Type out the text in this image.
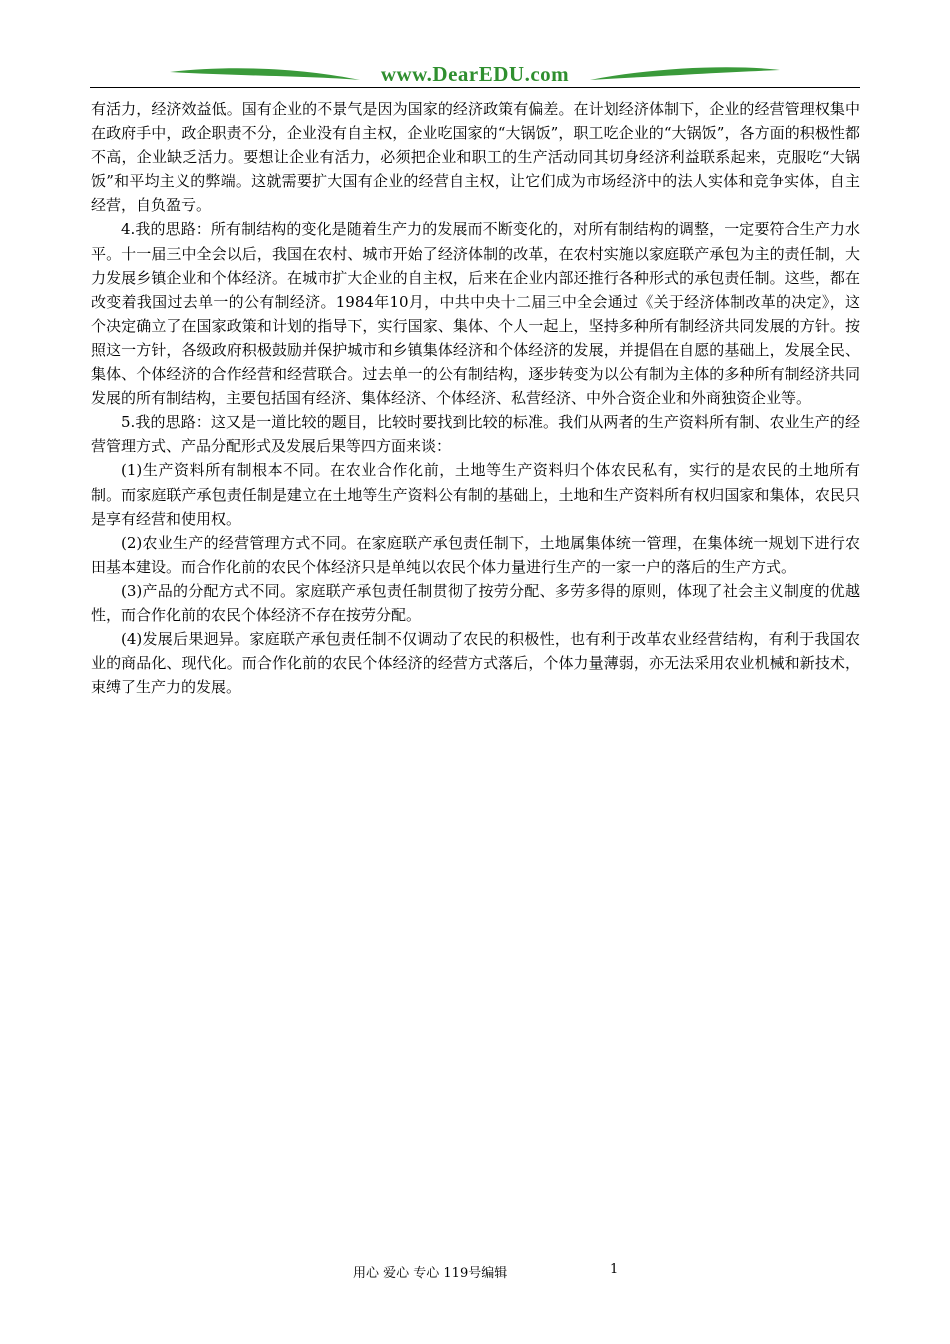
www.DearEDU.com

有活力，经济效益低。国有企业的不景气是因为国家的经济政策有偏差。在计划经济体制下，企业的经营管理权集中在政府手中，政企职责不分，企业没有自主权，企业吃国家的“大锅饭”，职工吃企业的“大锅饭”，各方面的积极性都不高，企业缺乏活力。要想让企业有活力，必须把企业和职工的生产活动同其切身经济利益联系起来，克服吃“大锅饭”和平均主义的弊端。这就需要扩大国有企业的经营自主权，让它们成为市场经济中的法人实体和竞争实体，自主经营，自负盈亏。

4.我的思路：所有制结构的变化是随着生产力的发展而不断变化的，对所有制结构的调整，一定要符合生产力水平。十一届三中全会以后，我国在农村、城市开始了经济体制的改革，在农村实施以家庭联产承包为主的责任制，大力发展乡镇企业和个体经济。在城市扩大企业的自主权，后来在企业内部还推行各种形式的承包责任制。这些，都在改变着我国过去单一的公有制经济。1984年10月，中共中央十二届三中全会通过《关于经济体制改革的决定》，这个决定确立了在国家政策和计划的指导下，实行国家、集体、个人一起上，坚持多种所有制经济共同发展的方针。按照这一方针，各级政府积极鼓励并保护城市和乡镇集体经济和个体经济的发展，并提倡在自愿的基础上，发展全民、集体、个体经济的合作经营和经营联合。过去单一的公有制结构，逐步转变为以公有制为主体的多种所有制经济共同发展的所有制结构，主要包括国有经济、集体经济、个体经济、私营经济、中外合资企业和外商独资企业等。

5.我的思路：这又是一道比较的题目，比较时要找到比较的标准。我们从两者的生产资料所有制、农业生产的经营管理方式、产品分配形式及发展后果等四方面来谈：

(1)生产资料所有制根本不同。在农业合作化前，土地等生产资料归个体农民私有，实行的是农民的土地所有制。而家庭联产承包责任制是建立在土地等生产资料公有制的基础上，土地和生产资料所有权归国家和集体，农民只是享有经营和使用权。

(2)农业生产的经营管理方式不同。在家庭联产承包责任制下，土地属集体统一管理，在集体统一规划下进行农田基本建设。而合作化前的农民个体经济只是单纯以农民个体力量进行生产的一家一户的落后的生产方式。

(3)产品的分配方式不同。家庭联产承包责任制贯彻了按劳分配、多劳多得的原则，体现了社会主义制度的优越性，而合作化前的农民个体经济不存在按劳分配。

(4)发展后果迥异。家庭联产承包责任制不仅调动了农民的积极性，也有利于改革农业经营结构，有利于我国农业的商品化、现代化。而合作化前的农民个体经济的经营方式落后，个体力量薄弱，亦无法采用农业机械和新技术，束缚了生产力的发展。

用心 爱心 专心 119号编辑	1
